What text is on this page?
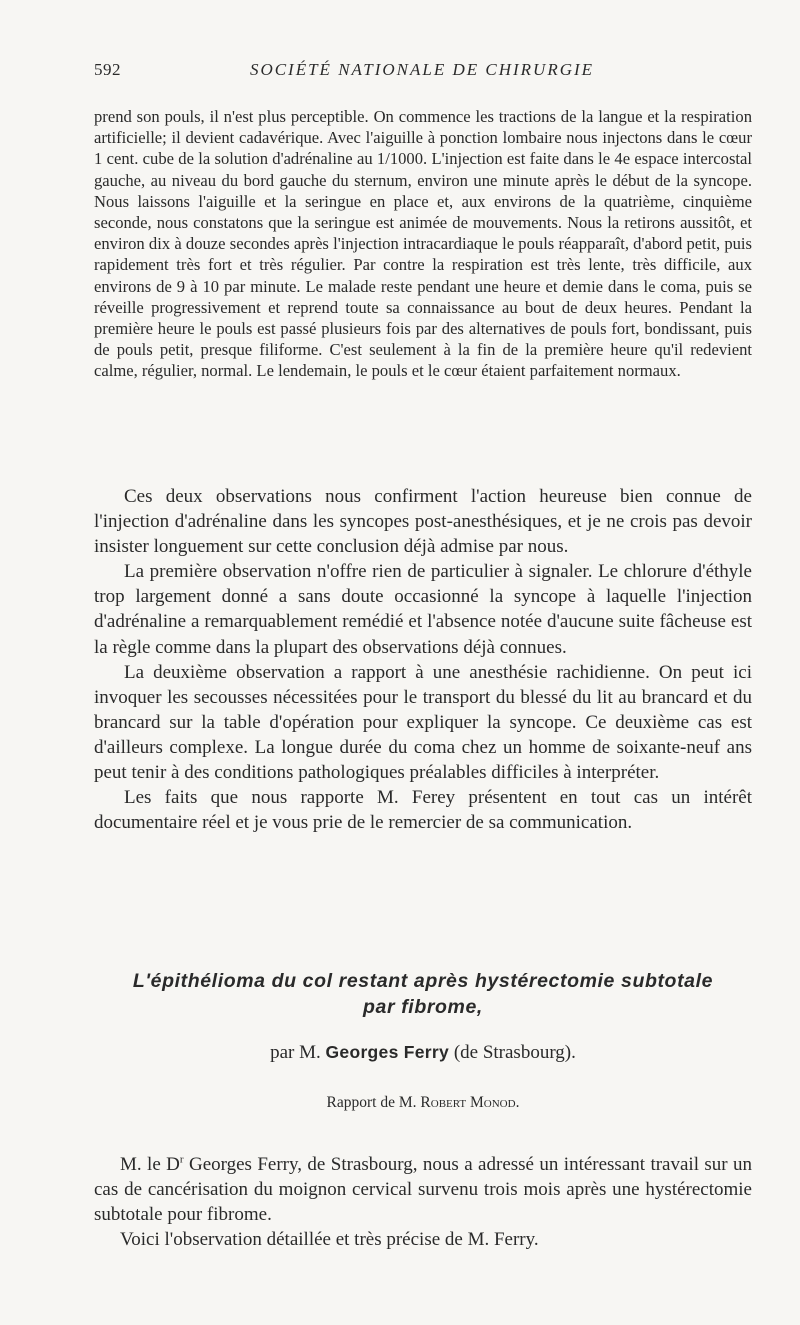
592	SOCIÉTÉ NATIONALE DE CHIRURGIE

prend son pouls, il n'est plus perceptible. On commence les tractions de la langue et la respiration artificielle; il devient cadavérique. Avec l'aiguille à ponction lombaire nous injectons dans le cœur 1 cent. cube de la solution d'adrénaline au 1/1000. L'injection est faite dans le 4e espace intercostal gauche, au niveau du bord gauche du sternum, environ une minute après le début de la syncope. Nous laissons l'aiguille et la seringue en place et, aux environs de la quatrième, cinquième seconde, nous constatons que la seringue est animée de mouvements. Nous la retirons aussitôt, et environ dix à douze secondes après l'injection intracardiaque le pouls réapparaît, d'abord petit, puis rapidement très fort et très régulier. Par contre la respiration est très lente, très difficile, aux environs de 9 à 10 par minute. Le malade reste pendant une heure et demie dans le coma, puis se réveille progressivement et reprend toute sa connaissance au bout de deux heures. Pendant la première heure le pouls est passé plusieurs fois par des alternatives de pouls fort, bondissant, puis de pouls petit, presque filiforme. C'est seulement à la fin de la première heure qu'il redevient calme, régulier, normal. Le lendemain, le pouls et le cœur étaient parfaitement normaux.

Ces deux observations nous confirment l'action heureuse bien connue de l'injection d'adrénaline dans les syncopes post-anesthésiques, et je ne crois pas devoir insister longuement sur cette conclusion déjà admise par nous.

La première observation n'offre rien de particulier à signaler. Le chlorure d'éthyle trop largement donné a sans doute occasionné la syncope à laquelle l'injection d'adrénaline a remarquablement remédié et l'absence notée d'aucune suite fâcheuse est la règle comme dans la plupart des observations déjà connues.

La deuxième observation a rapport à une anesthésie rachidienne. On peut ici invoquer les secousses nécessitées pour le transport du blessé du lit au brancard et du brancard sur la table d'opération pour expliquer la syncope. Ce deuxième cas est d'ailleurs complexe. La longue durée du coma chez un homme de soixante-neuf ans peut tenir à des conditions pathologiques préalables difficiles à interpréter.

Les faits que nous rapporte M. Ferey présentent en tout cas un intérêt documentaire réel et je vous prie de le remercier de sa communication.

L'épithélioma du col restant après hystérectomie subtotale
par fibrome,
par M. Georges Ferry (de Strasbourg).
Rapport de M. Robert Monod.

M. le $D^r$ Georges Ferry, de Strasbourg, nous a adressé un intéressant travail sur un cas de cancérisation du moignon cervical survenu trois mois après une hystérectomie subtotale pour fibrome.

Voici l'observation détaillée et très précise de M. Ferry.
